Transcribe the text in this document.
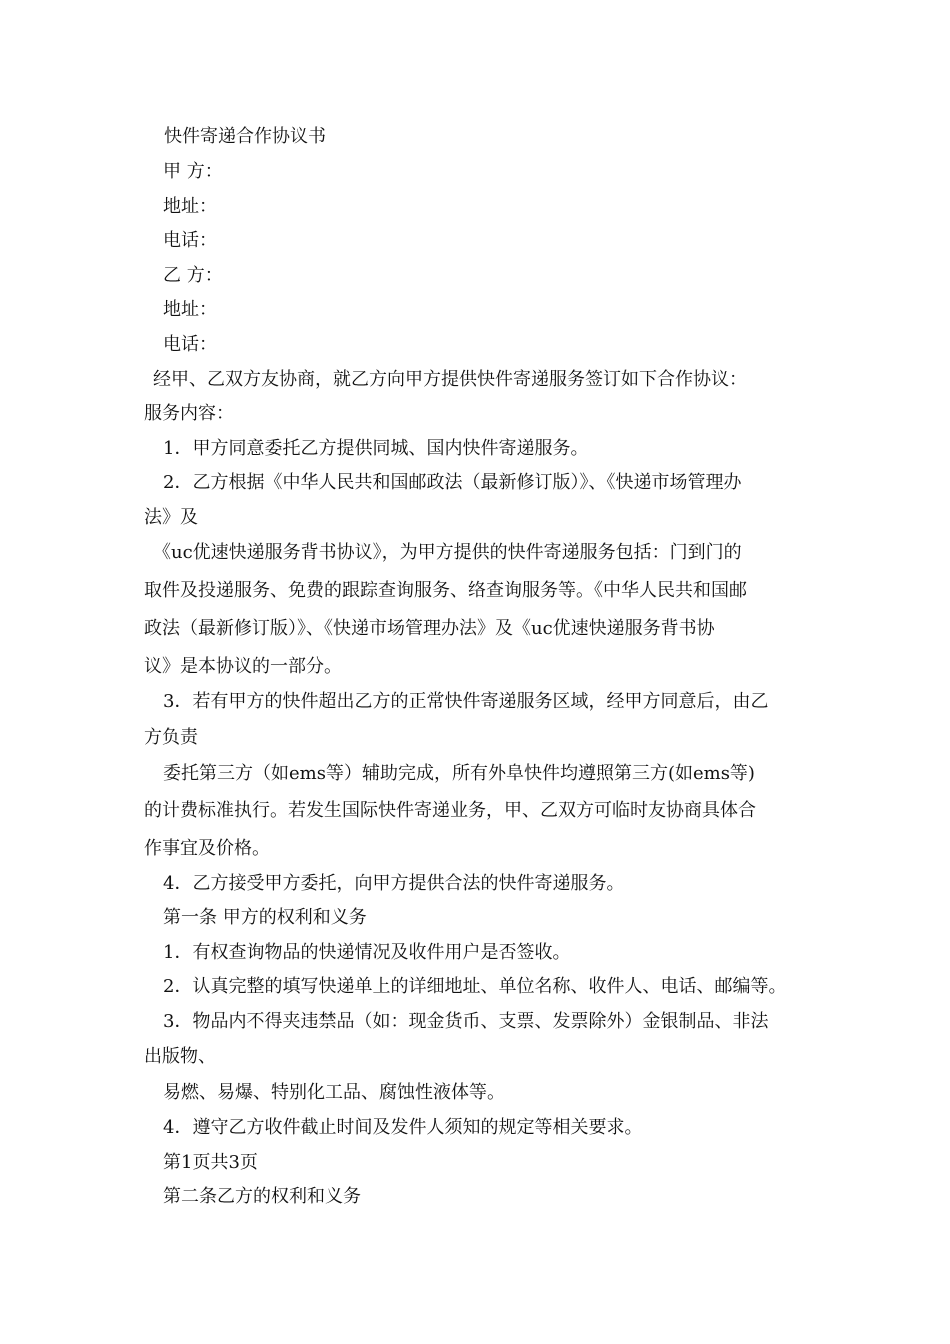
快件寄递合作协议书

甲 方：

地址：

电话：

乙 方：

地址：

电话：

经甲、乙双方友协商，就乙方向甲方提供快件寄递服务签订如下合作协议：

服务内容：

1．甲方同意委托乙方提供同城、国内快件寄递服务。

2．乙方根据《中华人民共和国邮政法（最新修订版）》、《快递市场管理办

法》及

《uc优速快递服务背书协议》，为甲方提供的快件寄递服务包括：门到门的

取件及投递服务、免费的跟踪查询服务、络查询服务等。《中华人民共和国邮

政法（最新修订版）》、《快递市场管理办法》及《uc优速快递服务背书协

议》是本协议的一部分。

3．若有甲方的快件超出乙方的正常快件寄递服务区域，经甲方同意后，由乙

方负责

委托第三方（如ems等）辅助完成，所有外阜快件均遵照第三方(如ems等)

的计费标准执行。若发生国际快件寄递业务，甲、乙双方可临时友协商具体合

作事宜及价格。

4．乙方接受甲方委托，向甲方提供合法的快件寄递服务。

第一条 甲方的权利和义务

1．有权查询物品的快递情况及收件用户是否签收。

2．认真完整的填写快递单上的详细地址、单位名称、收件人、电话、邮编等。

3．物品内不得夹违禁品（如：现金货币、支票、发票除外）金银制品、非法

出版物、

易燃、易爆、特别化工品、腐蚀性液体等。

4．遵守乙方收件截止时间及发件人须知的规定等相关要求。

第1页共3页

第二条乙方的权利和义务
